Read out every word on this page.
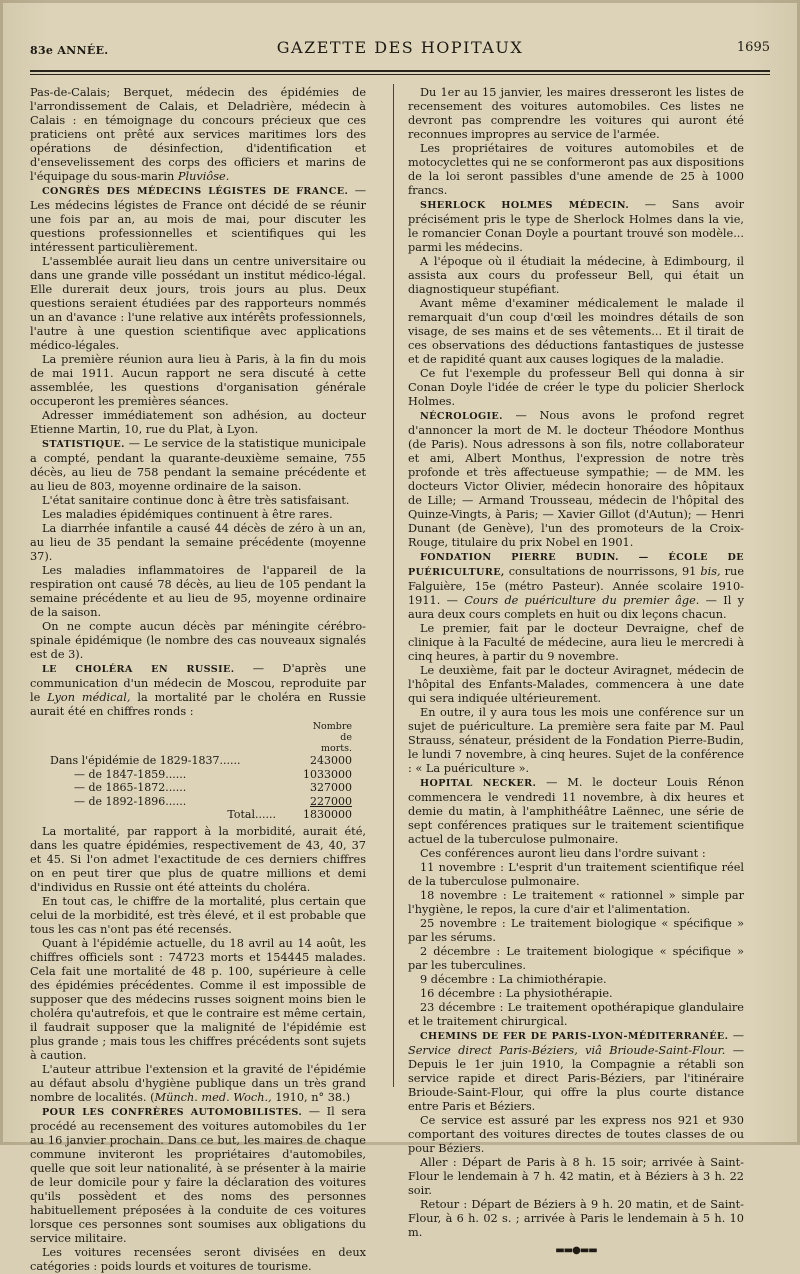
83e ANNÉE.	GAZETTE DES HOPITAUX	1695

Pas-de-Calais; Berquet, médecin des épidémies de l'arrondissement de Calais, et Deladrière, médecin à Calais : en témoignage du concours précieux que ces praticiens ont prêté aux services maritimes lors des opérations de désinfection, d'identification et d'ensevelissement des corps des officiers et marins de l'équipage du sous-marin Pluviôse.

CONGRÈS DES MÉDECINS LÉGISTES DE FRANCE. — Les médecins légistes de France ont décidé de se réunir une fois par an, au mois de mai, pour discuter les questions professionnelles et scientifiques qui les intéressent particulièrement.

L'assemblée aurait lieu dans un centre universitaire ou dans une grande ville possédant un institut médico-légal. Elle durerait deux jours, trois jours au plus. Deux questions seraient étudiées par des rapporteurs nommés un an d'avance : l'une relative aux intérêts professionnels, l'autre à une question scientifique avec applications médico-légales.

La première réunion aura lieu à Paris, à la fin du mois de mai 1911. Aucun rapport ne sera discuté à cette assemblée, les questions d'organisation générale occuperont les premières séances.

Adresser immédiatement son adhésion, au docteur Etienne Martin, 10, rue du Plat, à Lyon.

STATISTIQUE. — Le service de la statistique municipale a compté, pendant la quarante-deuxième semaine, 755 décès, au lieu de 758 pendant la semaine précédente et au lieu de 803, moyenne ordinaire de la saison.

L'état sanitaire continue donc à être très satisfaisant.

Les maladies épidémiques continuent à être rares.

La diarrhée infantile a causé 44 décès de zéro à un an, au lieu de 35 pendant la semaine précédente (moyenne 37).

Les maladies inflammatoires de l'appareil de la respiration ont causé 78 décès, au lieu de 105 pendant la semaine précédente et au lieu de 95, moyenne ordinaire de la saison.

On ne compte aucun décès par méningite cérébro-spinale épidémique (le nombre des cas nouveaux signalés est de 3).

LE CHOLÉRA EN RUSSIE. — D'après une communication d'un médecin de Moscou, reproduite par le Lyon médical, la mortalité par le choléra en Russie aurait été en chiffres ronds :

Nombre
de
morts.
Dans l'épidémie de 1829-1837......	243000
— de 1847-1859......	1033000
— de 1865-1872......	327000
— de 1892-1896......	227000
Total......	1830000

La mortalité, par rapport à la morbidité, aurait été, dans les quatre épidémies, respectivement de 43, 40, 37 et 45. Si l'on admet l'exactitude de ces derniers chiffres on en peut tirer que plus de quatre millions et demi d'individus en Russie ont été atteints du choléra.

En tout cas, le chiffre de la mortalité, plus certain que celui de la morbidité, est très élevé, et il est probable que tous les cas n'ont pas été recensés.

Quant à l'épidémie actuelle, du 18 avril au 14 août, les chiffres officiels sont : 74723 morts et 154445 malades. Cela fait une mortalité de 48 p. 100, supérieure à celle des épidémies précédentes. Comme il est impossible de supposer que des médecins russes soignent moins bien le choléra qu'autrefois, et que le contraire est même certain, il faudrait supposer que la malignité de l'épidémie est plus grande ; mais tous les chiffres précédents sont sujets à caution.

L'auteur attribue l'extension et la gravité de l'épidémie au défaut absolu d'hygiène publique dans un très grand nombre de localités. (Münch. med. Woch., 1910, n° 38.)

POUR LES CONFRÈRES AUTOMOBILISTES. — Il sera procédé au recensement des voitures automobiles du 1er au 16 janvier prochain. Dans ce but, les maires de chaque commune inviteront les propriétaires d'automobiles, quelle que soit leur nationalité, à se présenter à la mairie de leur domicile pour y faire la déclaration des voitures qu'ils possèdent et des noms des personnes habituellement préposées à la conduite de ces voitures lorsque ces personnes sont soumises aux obligations du service militaire.

Les voitures recensées seront divisées en deux catégories : poids lourds et voitures de tourisme.

Du 1er au 15 janvier, les maires dresseront les listes de recensement des voitures automobiles. Ces listes ne devront pas comprendre les voitures qui auront été reconnues impropres au service de l'armée.

Les propriétaires de voitures automobiles et de motocyclettes qui ne se conformeront pas aux dispositions de la loi seront passibles d'une amende de 25 à 1000 francs.

SHERLOCK HOLMES MÉDECIN. — Sans avoir précisément pris le type de Sherlock Holmes dans la vie, le romancier Conan Doyle a pourtant trouvé son modèle... parmi les médecins.

A l'époque où il étudiait la médecine, à Edimbourg, il assista aux cours du professeur Bell, qui était un diagnostiqueur stupéfiant.

Avant même d'examiner médicalement le malade il remarquait d'un coup d'œil les moindres détails de son visage, de ses mains et de ses vêtements... Et il tirait de ces observations des déductions fantastiques de justesse et de rapidité quant aux causes logiques de la maladie.

Ce fut l'exemple du professeur Bell qui donna à sir Conan Doyle l'idée de créer le type du policier Sherlock Holmes.

NÉCROLOGIE. — Nous avons le profond regret d'annoncer la mort de M. le docteur Théodore Monthus (de Paris). Nous adressons à son fils, notre collaborateur et ami, Albert Monthus, l'expression de notre très profonde et très affectueuse sympathie; — de MM. les docteurs Victor Olivier, médecin honoraire des hôpitaux de Lille; — Armand Trousseau, médecin de l'hôpital des Quinze-Vingts, à Paris; — Xavier Gillot (d'Autun); — Henri Dunant (de Genève), l'un des promoteurs de la Croix-Rouge, titulaire du prix Nobel en 1901.

FONDATION PIERRE BUDIN. — ÉCOLE DE PUÉRICULTURE, consultations de nourrissons, 91 bis, rue Falguière, 15e (métro Pasteur). Année scolaire 1910-1911. — Cours de puériculture du premier âge. — Il y aura deux cours complets en huit ou dix leçons chacun.

Le premier, fait par le docteur Devraigne, chef de clinique à la Faculté de médecine, aura lieu le mercredi à cinq heures, à partir du 9 novembre.

Le deuxième, fait par le docteur Aviragnet, médecin de l'hôpital des Enfants-Malades, commencera à une date qui sera indiquée ultérieurement.

En outre, il y aura tous les mois une conférence sur un sujet de puériculture. La première sera faite par M. Paul Strauss, sénateur, président de la Fondation Pierre-Budin, le lundi 7 novembre, à cinq heures. Sujet de la conférence : « La puériculture ».

HOPITAL NECKER. — M. le docteur Louis Rénon commencera le vendredi 11 novembre, à dix heures et demie du matin, à l'amphithéâtre Laënnec, une série de sept conférences pratiques sur le traitement scientifique actuel de la tuberculose pulmonaire.

Ces conférences auront lieu dans l'ordre suivant :

11 novembre : L'esprit d'un traitement scientifique réel de la tuberculose pulmonaire.

18 novembre : Le traitement « rationnel » simple par l'hygiène, le repos, la cure d'air et l'alimentation.

25 novembre : Le traitement biologique « spécifique » par les sérums.

2 décembre : Le traitement biologique « spécifique » par les tuberculines.

9 décembre : La chimiothérapie.

16 décembre : La physiothérapie.

23 décembre : Le traitement opothérapique glandulaire et le traitement chirurgical.

CHEMINS DE FER DE PARIS-LYON-MÉDITERRANÉE. — Service direct Paris-Béziers, viâ Brioude-Saint-Flour. — Depuis le 1er juin 1910, la Compagnie a rétabli son service rapide et direct Paris-Béziers, par l'itinéraire Brioude-Saint-Flour, qui offre la plus courte distance entre Paris et Béziers.

Ce service est assuré par les express nos 921 et 930 comportant des voitures directes de toutes classes de ou pour Béziers.

Aller : Départ de Paris à 8 h. 15 soir; arrivée à Saint-Flour le lendemain à 7 h. 42 matin, et à Béziers à 3 h. 22 soir.

Retour : Départ de Béziers à 9 h. 20 matin, et de Saint-Flour, à 6 h. 02 s. ; arrivée à Paris le lendemain à 5 h. 10 m.

▬▬●▬▬
